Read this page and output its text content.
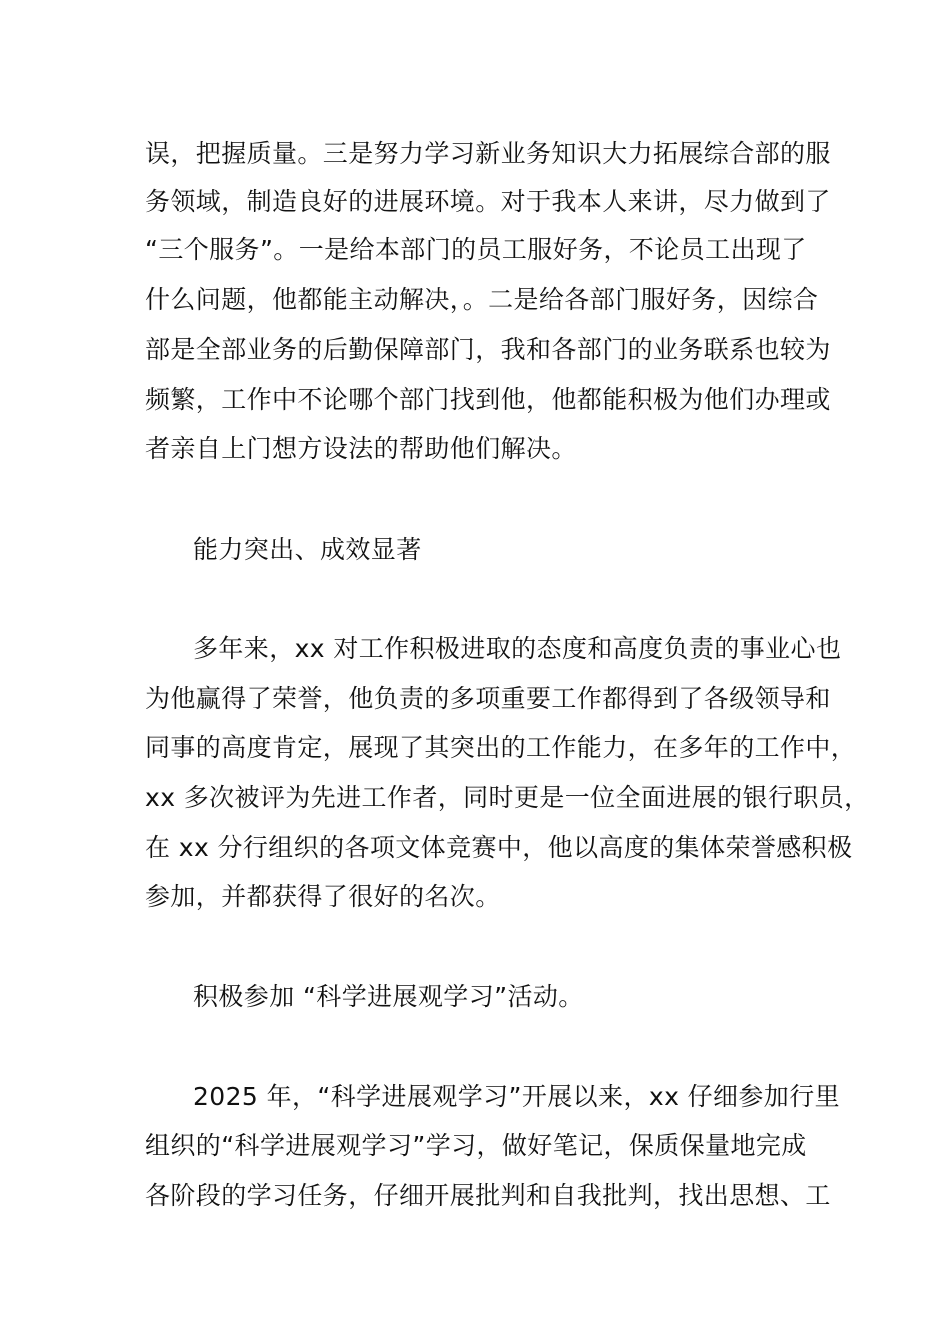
误，把握质量。三是努力学习新业务知识大力拓展综合部的服

务领域，制造良好的进展环境。对于我本人来讲，尽力做到了

“三个服务”。一是给本部门的员工服好务，不论员工出现了

什么问题，他都能主动解决，。二是给各部门服好务，因综合

部是全部业务的后勤保障部门，我和各部门的业务联系也较为

频繁，工作中不论哪个部门找到他，他都能积极为他们办理或

者亲自上门想方设法的帮助他们解决。

能力突出、成效显著

多年来，xx 对工作积极进取的态度和高度负责的事业心也

为他赢得了荣誉，他负责的多项重要工作都得到了各级领导和

同事的高度肯定，展现了其突出的工作能力，在多年的工作中，

xx 多次被评为先进工作者，同时更是一位全面进展的银行职员，

在 xx 分行组织的各项文体竞赛中，他以高度的集体荣誉感积极

参加，并都获得了很好的名次。

积极参加 “科学进展观学习”活动。

2025 年，“科学进展观学习”开展以来，xx 仔细参加行里

组织的“科学进展观学习”学习，做好笔记，保质保量地完成

各阶段的学习任务，仔细开展批判和自我批判，找出思想、工
